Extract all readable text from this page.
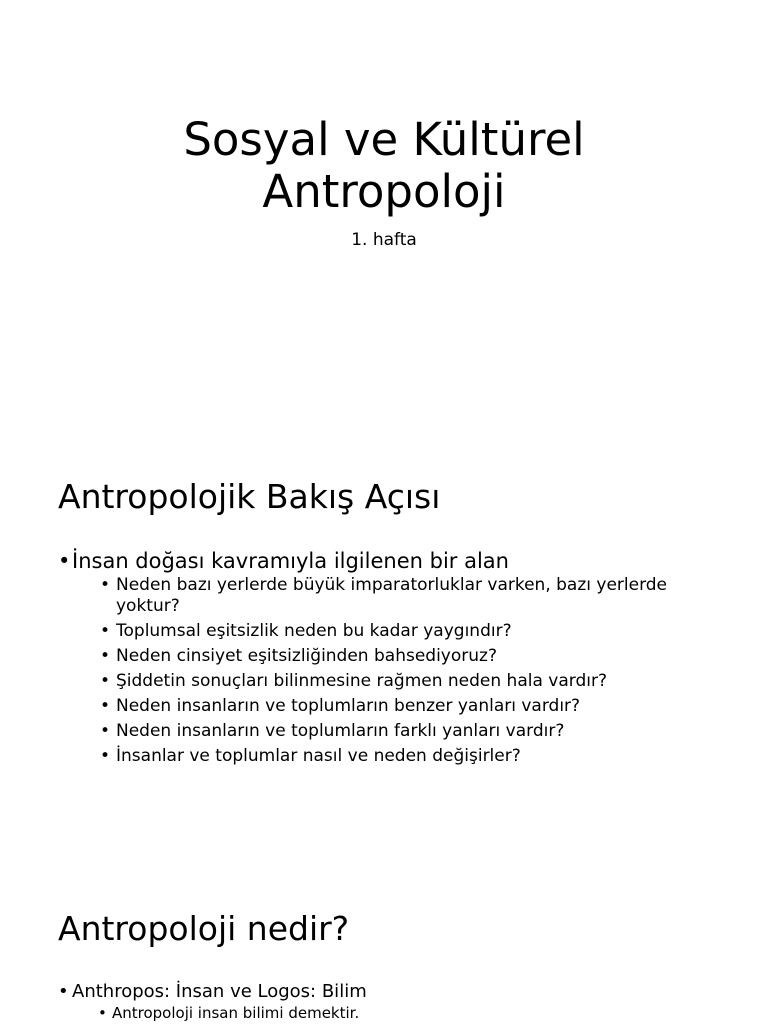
Sosyal ve Kültürel
Antropoloji

1. hafta

Antropolojik Bakış Açısı
• İnsan doğası kavramıyla ilgilenen bir alan
• Neden bazı yerlerde büyük imparatorluklar varken, bazı yerlerde yoktur?
• Toplumsal eşitsizlik neden bu kadar yaygındır?
• Neden cinsiyet eşitsizliğinden bahsediyoruz?
• Şiddetin sonuçları bilinmesine rağmen neden hala vardır?
• Neden insanların ve toplumların benzer yanları vardır?
• Neden insanların ve toplumların farklı yanları vardır?
• İnsanlar ve toplumlar nasıl ve neden değişirler?
Antropoloji nedir?
• Anthropos: İnsan ve Logos: Bilim
• Antropoloji insan bilimi demektir.
